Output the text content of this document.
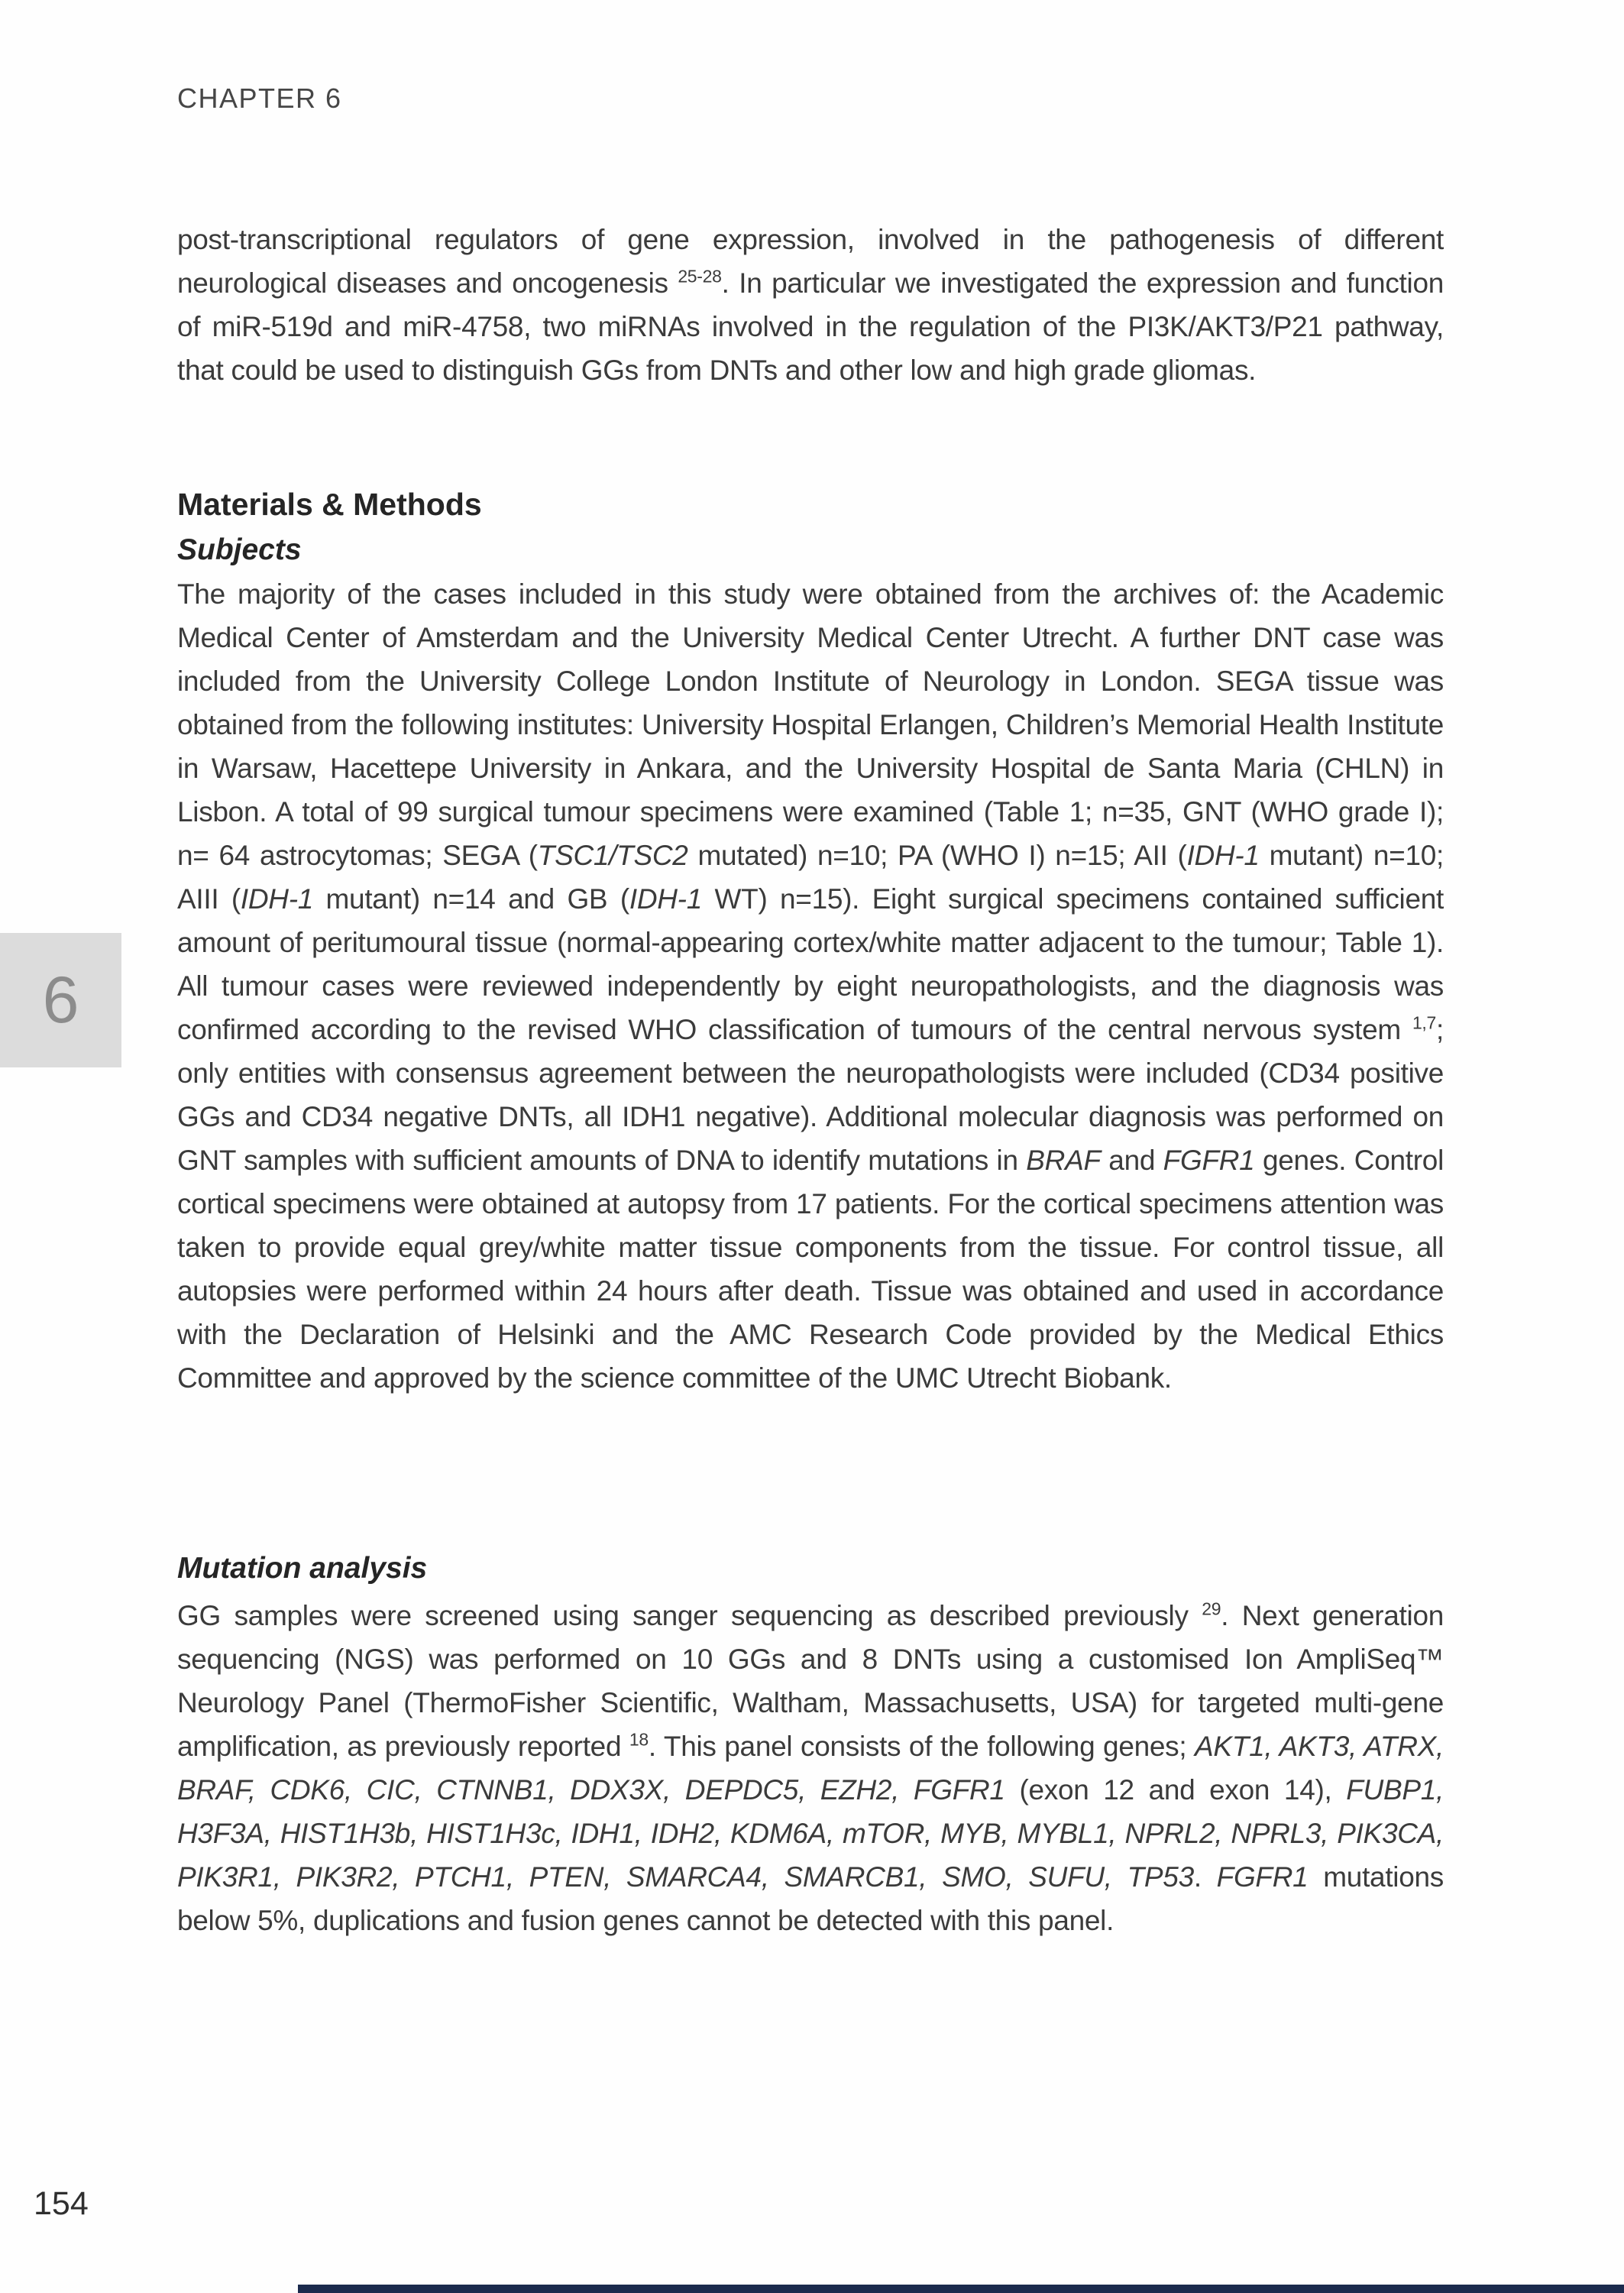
CHAPTER 6

post-transcriptional regulators of gene expression, involved in the pathogenesis of different neurological diseases and oncogenesis $^{25-28}$. In particular we investigated the expression and function of miR-519d and miR-4758, two miRNAs involved in the regulation of the PI3K/AKT3/P21 pathway, that could be used to distinguish GGs from DNTs and other low and high grade gliomas.

Materials & Methods
Subjects

The majority of the cases included in this study were obtained from the archives of: the Academic Medical Center of Amsterdam and the University Medical Center Utrecht. A further DNT case was included from the University College London Institute of Neurology in London. SEGA tissue was obtained from the following institutes: University Hospital Erlangen, Children’s Memorial Health Institute in Warsaw, Hacettepe University in Ankara, and the University Hospital de Santa Maria (CHLN) in Lisbon. A total of 99 surgical tumour specimens were examined (Table 1; n=35, GNT (WHO grade I); n= 64 astrocytomas; SEGA (TSC1/TSC2 mutated) n=10; PA (WHO I) n=15; AII (IDH-1 mutant) n=10; AIII (IDH-1 mutant) n=14 and GB (IDH-1 WT) n=15). Eight surgical specimens contained sufficient amount of peritumoural tissue (normal-appearing cortex/white matter adjacent to the tumour; Table 1). All tumour cases were reviewed independently by eight neuropathologists, and the diagnosis was confirmed according to the revised WHO classification of tumours of the central nervous system $^{1,7}$; only entities with consensus agreement between the neuropathologists were included (CD34 positive GGs and CD34 negative DNTs, all IDH1 negative). Additional molecular diagnosis was performed on GNT samples with sufficient amounts of DNA to identify mutations in BRAF and FGFR1 genes. Control cortical specimens were obtained at autopsy from 17 patients. For the cortical specimens attention was taken to provide equal grey/white matter tissue components from the tissue. For control tissue, all autopsies were performed within 24 hours after death. Tissue was obtained and used in accordance with the Declaration of Helsinki and the AMC Research Code provided by the Medical Ethics Committee and approved by the science committee of the UMC Utrecht Biobank.

Mutation analysis

GG samples were screened using sanger sequencing as described previously $^{29}$. Next generation sequencing (NGS) was performed on 10 GGs and 8 DNTs using a customised Ion AmpliSeq™ Neurology Panel (ThermoFisher Scientific, Waltham, Massachusetts, USA) for targeted multi-gene amplification, as previously reported $^{18}$. This panel consists of the following genes; AKT1, AKT3, ATRX, BRAF, CDK6, CIC, CTNNB1, DDX3X, DEPDC5, EZH2, FGFR1 (exon 12 and exon 14), FUBP1, H3F3A, HIST1H3b, HIST1H3c, IDH1, IDH2, KDM6A, mTOR, MYB, MYBL1, NPRL2, NPRL3, PIK3CA, PIK3R1, PIK3R2, PTCH1, PTEN, SMARCA4, SMARCB1, SMO, SUFU, TP53. FGFR1 mutations below 5%, duplications and fusion genes cannot be detected with this panel.

6
154
